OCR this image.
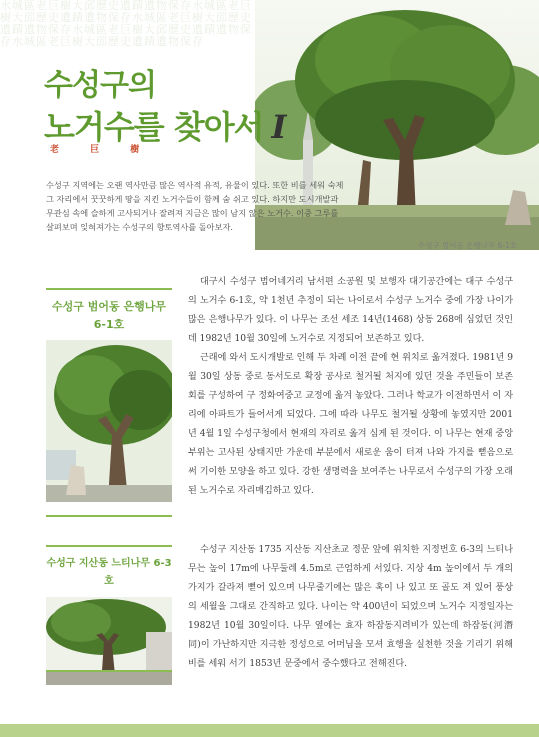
水城區老巨樹大邱歷史遺蹟遺物保存水城區老巨樹大邱歷史遺蹟遺物保存水城區老巨樹大邱歷史遺蹟遺物保存水城區老巨樹大邱歷史遺蹟遺物保存水城區老巨樹大邱歷史遺蹟遺物保存
수성구의
노거수를 찾아서 I
老 巨 樹

수성구 지역에는 오랜 역사만큼 많은 역사적 유적, 유물이 있다. 또한 비를 세워 숙제

그 자리에서 꿋꿋하게 땅을 지킨 노거수들이 함께 숨 쉬고 있다. 하지만 도시개발과

무관심 속에 슬하게 고사되거나 잘려져 지금은 많이 남지 않은 노거수. 이중 그루를

살펴보며 잊혀져가는 수성구의 향토역사를 돌아보자.

수성구 범어동 은행나무 6-1호
수성구 범어동 은행나무
6-1호

대구시 수성구 범어네거리 남서편 소공원 및 보행자 대기공간에는 대구 수성구의 노거수 6-1호, 약 1천년 추정이 되는 나이로서 수성구 노거수 중에 가장 나이가 많은 은행나무가 있다. 이 나무는 조선 세조 14년(1468) 상동 268에 심었던 것인데 1982년 10월 30일에 노거수로 지정되어 보존하고 있다.

근래에 와서 도시개발로 인해 두 차례 이전 끝에 현 위치로 옮겨졌다. 1981년 9월 30일 상동 중로 동서도로 확장 공사로 철거될 처지에 있던 것을 주민들이 보존회를 구성하여 구 정화여중고 교정에 옮겨 놓았다. 그러나 학교가 이전하면서 이 자리에 아파트가 들어서게 되었다. 그에 따라 나무도 철거될 상황에 놓였지만 2001년 4월 1일 수성구청에서 현재의 자리로 옮겨 심게 된 것이다. 이 나무는 현재 중앙부위는 고사된 상태지만 가운데 부분에서 새로운 움이 터져 나와 가지를 뻗음으로써 기이한 모양을 하고 있다. 강한 생명력을 보여주는 나무로서 수성구의 가장 오래된 노거수로 자리매김하고 있다.

수성구 지산동 느티나무 6-3호

수성구 지산동 1735 지산동 지산초교 정문 앞에 위치한 지정번호 6-3의 느티나무는 높이 17m에 나무둘레 4.5m로 근엄하게 서있다. 지상 4m 높이에서 두 개의 가지가 갈라져 뻗어 있으며 나무줄기에는 많은 혹이 나 있고 또 골도 져 있어 풍상의 세월을 그대로 간직하고 있다. 나이는 약 400년이 되었으며 노거수 지정일자는 1982년 10월 30일이다. 나무 옆에는 효자 하잠동지려비가 있는데 하잠동(河潛同)이 가난하지만 지극한 정성으로 어머님을 모셔 효행을 실천한 것을 기리기 위해 비를 세워 서기 1853년 문중에서 중수했다고 전해진다.
